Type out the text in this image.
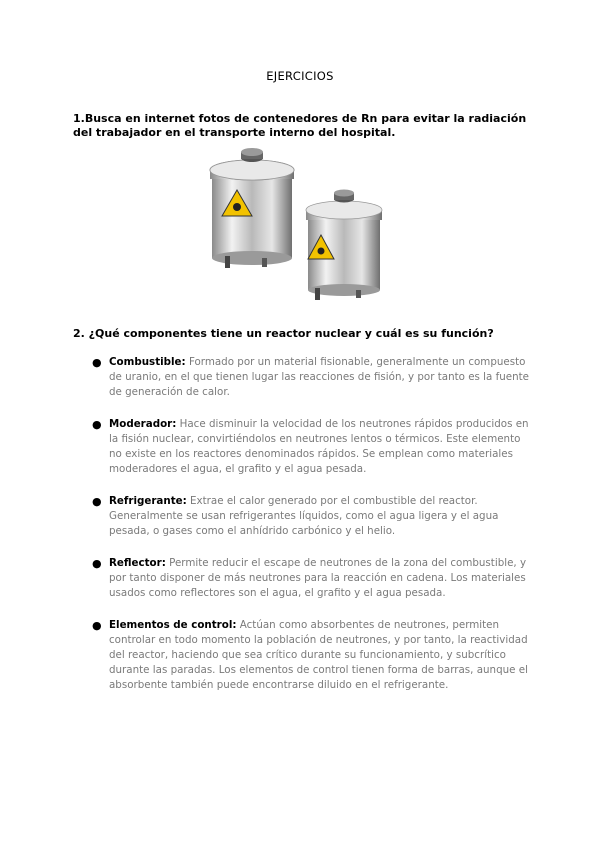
EJERCICIOS
1.Busca en internet fotos de contenedores de Rn para evitar la radiación del trabajador en el transporte interno del hospital.
2. ¿Qué componentes tiene un reactor nuclear y cuál es su función?
● Combustible: Formado por un material fisionable, generalmente un compuesto de uranio, en el que tienen lugar las reacciones de fisión, y por tanto es la fuente de generación de calor.
● Moderador: Hace disminuir la velocidad de los neutrones rápidos producidos en la fisión nuclear, convirtiéndolos en neutrones lentos o térmicos. Este elemento no existe en los reactores denominados rápidos. Se emplean como materiales moderadores el agua, el grafito y el agua pesada.
● Refrigerante: Extrae el calor generado por el combustible del reactor. Generalmente se usan refrigerantes líquidos, como el agua ligera y el agua pesada, o gases como el anhídrido carbónico y el helio.
● Reflector: Permite reducir el escape de neutrones de la zona del combustible, y por tanto disponer de más neutrones para la reacción en cadena. Los materiales usados como reflectores son el agua, el grafito y el agua pesada.
● Elementos de control: Actúan como absorbentes de neutrones, permiten controlar en todo momento la población de neutrones, y por tanto, la reactividad del reactor, haciendo que sea crítico durante su funcionamiento, y subcrítico durante las paradas. Los elementos de control tienen forma de barras, aunque el absorbente también puede encontrarse diluido en el refrigerante.
